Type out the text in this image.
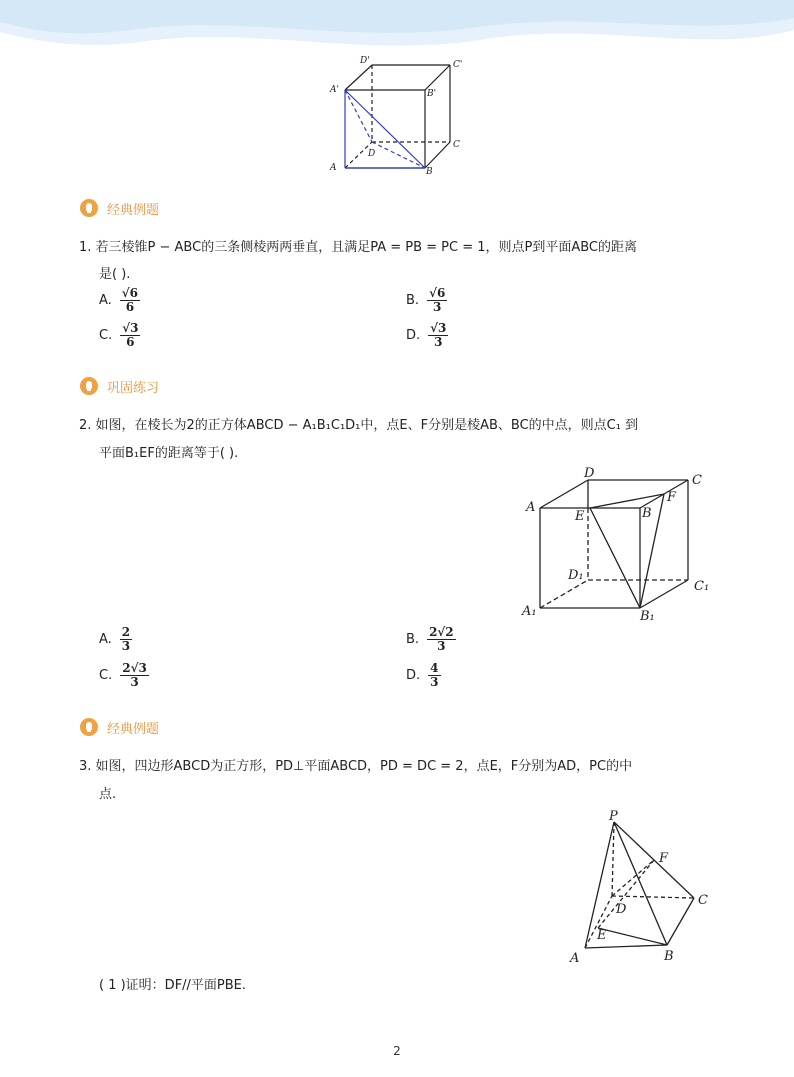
D'	C'
A'	B'
D
C
A	B
经典例题
1. 若三棱锥P − ABC的三条侧棱两两垂直，且满足PA = PB = PC = 1，则点P到平面ABC的距离
是( ).
A. $\frac{√6}{6}$	B. $\frac{√6}{3}$
C. $\frac{√3}{6}$	D. $\frac{√3}{3}$
巩固练习
2. 如图，在棱长为2的正方体ABCD − A₁B₁C₁D₁中，点E、F分别是棱AB、BC的中点，则点C₁ 到
平面B₁EF的距离等于( ).
D	C
A
E	B
F
D₁
C₁
A₁	B₁
A. $\frac{2}{3}$	B. $\frac{2√2}{3}$
C. $\frac{2√3}{3}$	D. $\frac{4}{3}$
经典例题
3. 如图，四边形ABCD为正方形，PD⊥平面ABCD，PD = DC = 2，点E，F分别为AD，PC的中
点.
P
F
C
D
E
A	B
( 1 )证明：DF//平面PBE.
2
